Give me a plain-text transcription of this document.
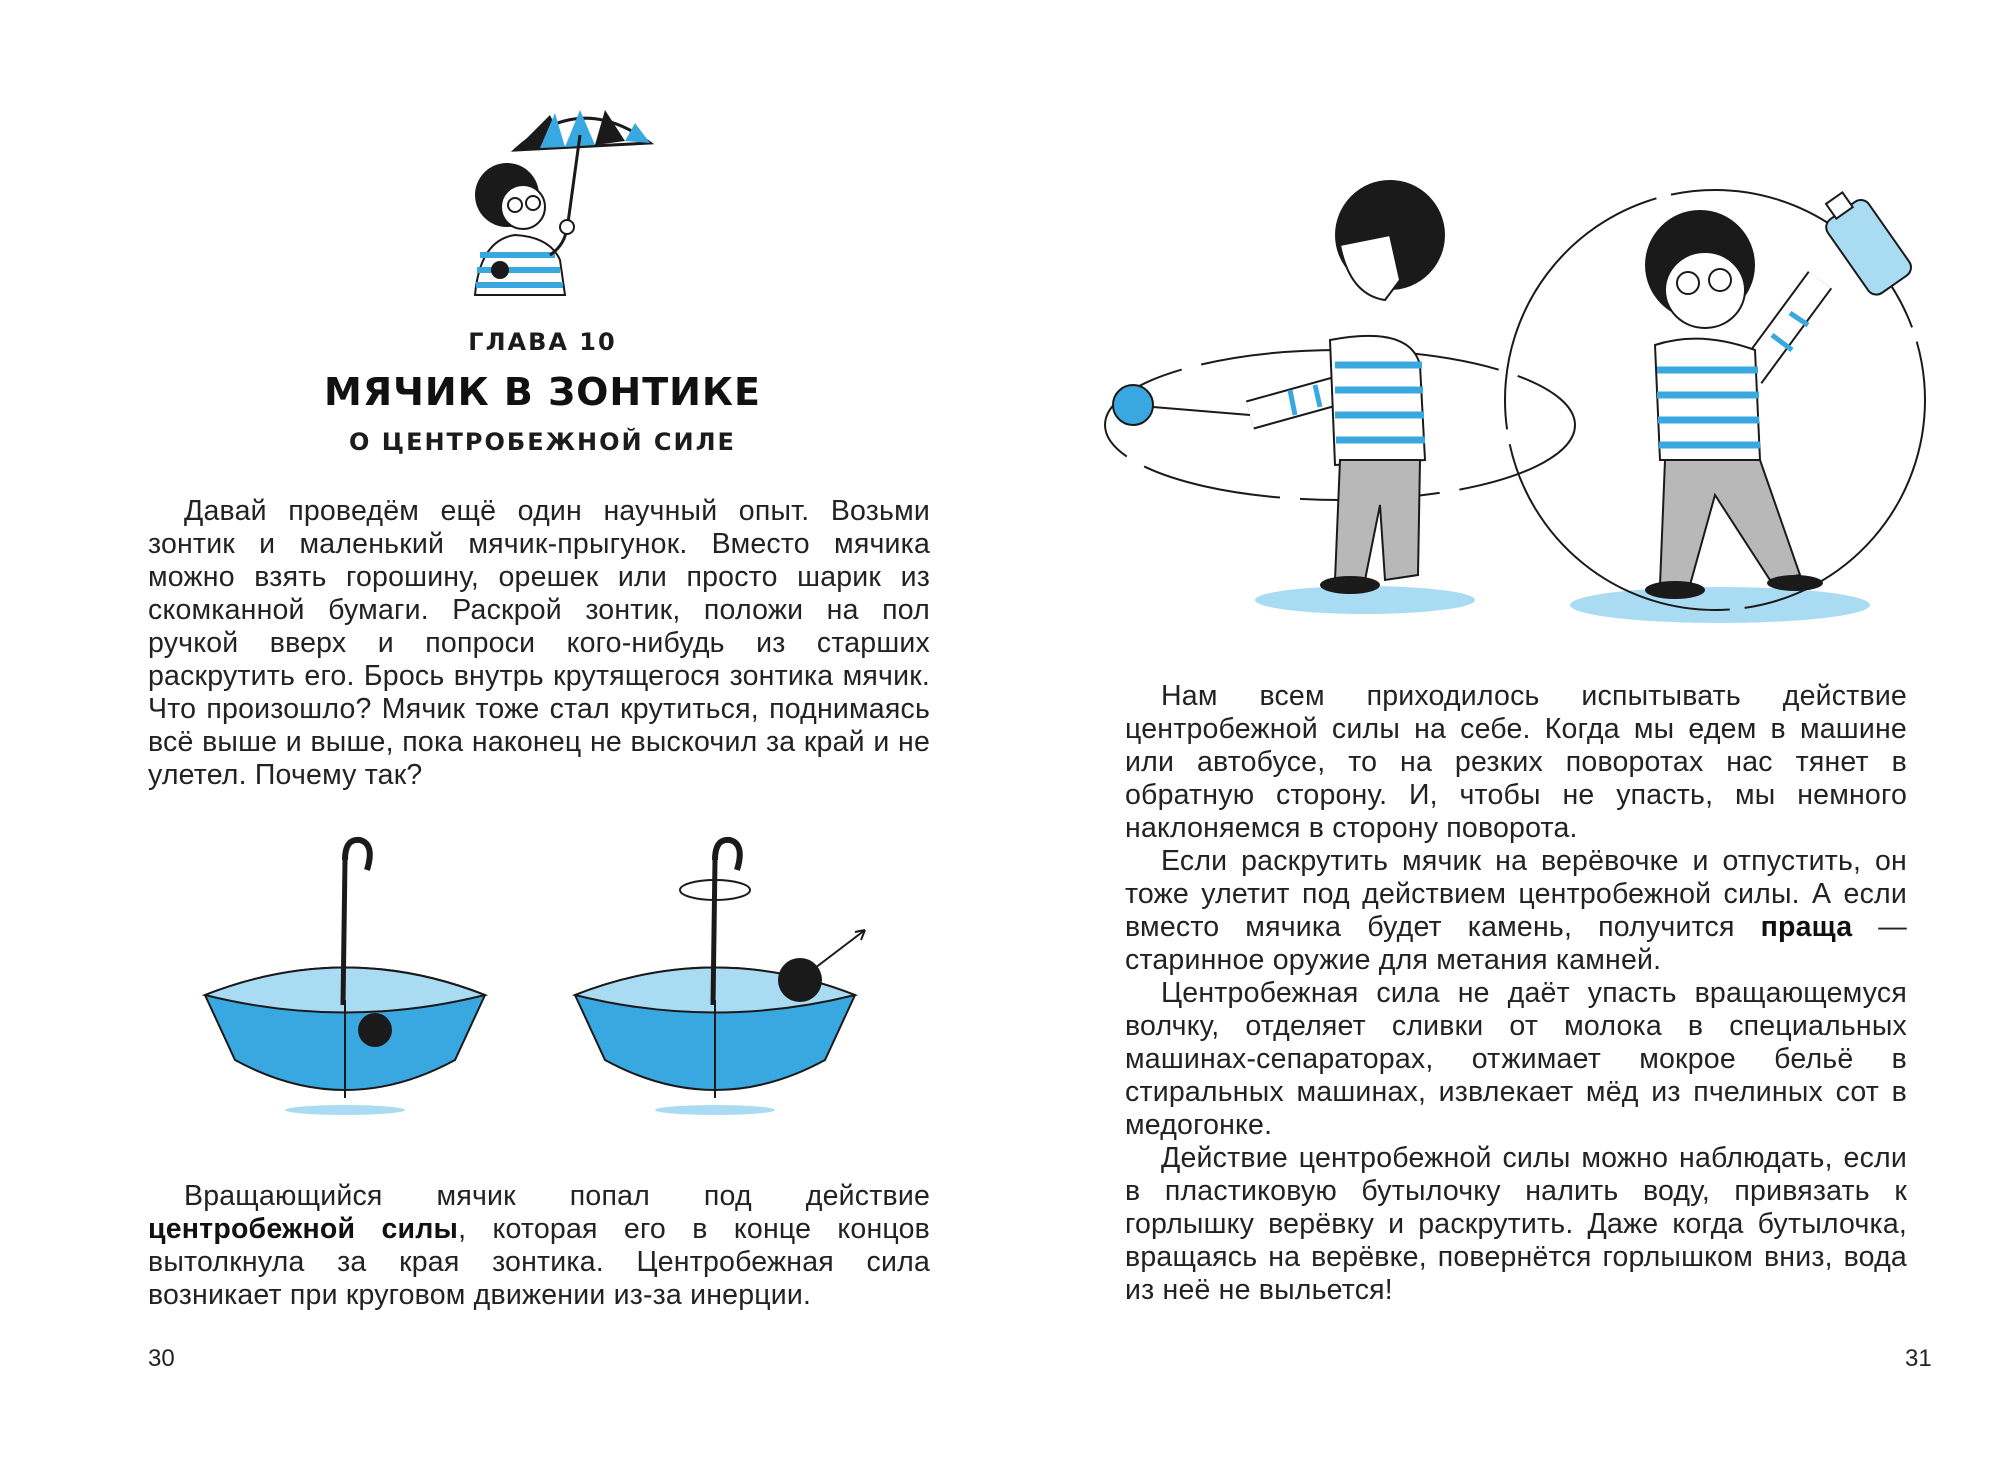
ГЛАВА 10
МЯЧИК В ЗОНТИКЕ
О ЦЕНТРОБЕЖНОЙ СИЛЕ

Давай проведём ещё один научный опыт. Возьми зонтик и маленький мячик-прыгунок. Вместо мячика можно взять горошину, орешек или просто шарик из скомканной бумаги. Раскрой зонтик, положи на пол ручкой вверх и попроси кого-нибудь из старших раскрутить его. Брось внутрь крутящегося зонтика мячик. Что произошло? Мячик тоже стал крутиться, поднимаясь всё выше и выше, пока наконец не выскочил за край и не улетел. Почему так?

Вращающийся мячик попал под действие центробежной силы, которая его в конце концов вытолкнула за края зонтика. Центробежная сила возникает при круговом движении из-за инерции.

30

Нам всем приходилось испытывать действие центробежной силы на себе. Когда мы едем в машине или автобусе, то на резких поворотах нас тянет в обратную сторону. И, чтобы не упасть, мы немного наклоняемся в сторону поворота.

Если раскрутить мячик на верёвочке и отпустить, он тоже улетит под действием центробежной силы. А если вместо мячика будет камень, получится праща — старинное оружие для метания камней.

Центробежная сила не даёт упасть вращающемуся волчку, отделяет сливки от молока в специальных машинах-сепараторах, отжимает мокрое бельё в стиральных машинах, извлекает мёд из пчелиных сот в медогонке.

Действие центробежной силы можно наблюдать, если в пластиковую бутылочку налить воду, привязать к горлышку верёвку и раскрутить. Даже когда бутылочка, вращаясь на верёвке, повернётся горлышком вниз, вода из неё не выльется!

31
